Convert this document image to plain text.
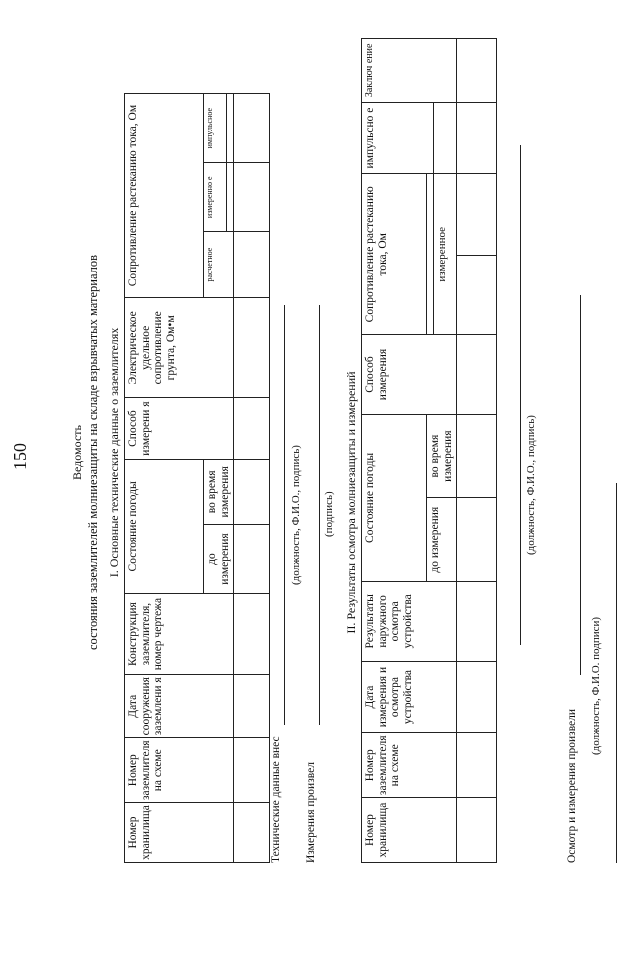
150	Ведомость состояния заземлителей молниезащиты на складе взрывчатых материалов I. Основные технические данные о заземлителях
Номер хранилища	Номер заземлителя на схеме	Дата сооружения заземлени я	Конструкция заземлителя, номер чертежа	Состояние погоды		Способ измерени я	Электрическое удельное сопротивление грунта, Ом•м	Сопротивление растеканию тока, Ом		
				до измерения	во время измерения			расчетное	измеренно е	импульсное

Технические данные внес
(должность, Ф.И.О., подпись)
Измерения произвел
(подпись) II. Результаты осмотра молниезащиты и измерений
Номер хранилища	Номер заземлителя на схеме	Дата измерения и осмотра устройства	Результаты наружного осмотра устройства	Состояние погоды		Способ измерения	Сопротивление растеканию тока, Ом		импульсно е	Заключ ение
				до измерения	во время измерения					
							измеренное			

(должность, Ф.И.О., подпись)
Осмотр и измерения произвели
(должность, Ф.И.О. подписи)
